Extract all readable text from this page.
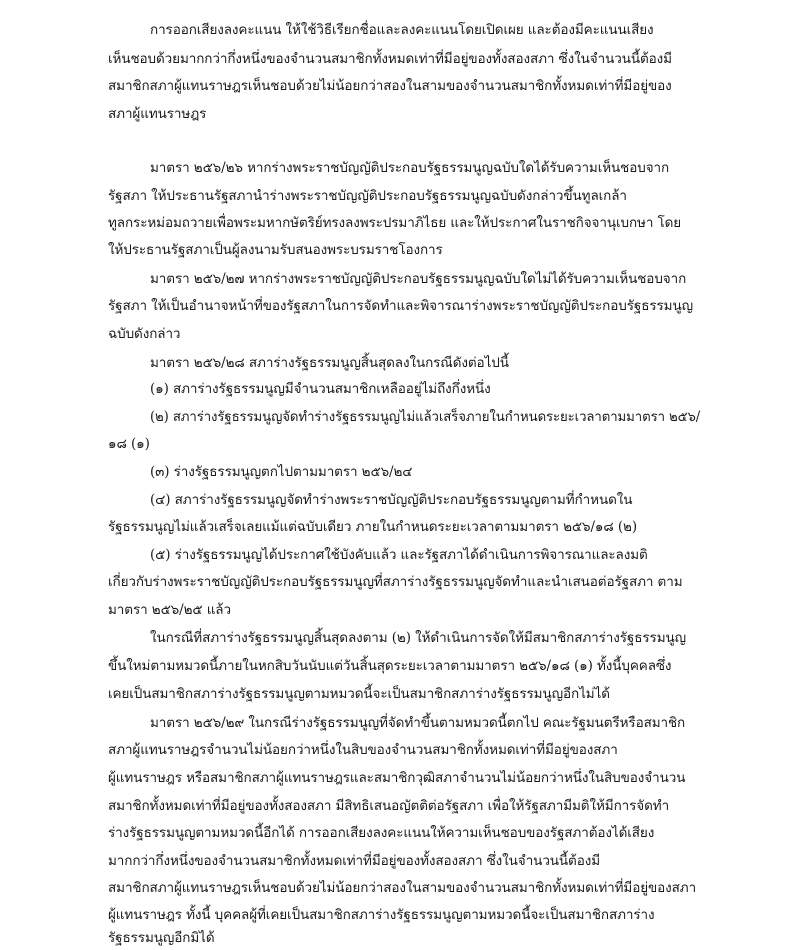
การออกเสียงลงคะแนน ให้ใช้วิธีเรียกชื่อและลงคะแนนโดยเปิดเผย และต้องมีคะแนนเสียง
เห็นชอบด้วยมากกว่ากึ่งหนึ่งของจำนวนสมาชิกทั้งหมดเท่าที่มีอยู่ของทั้งสองสภา ซึ่งในจำนวนนี้ต้องมี
สมาชิกสภาผู้แทนราษฎรเห็นชอบด้วยไม่น้อยกว่าสองในสามของจำนวนสมาชิกทั้งหมดเท่าที่มีอยู่ของ
สภาผู้แทนราษฎร
มาตรา ๒๕๖/๒๖ หากร่างพระราชบัญญัติประกอบรัฐธรรมนูญฉบับใดได้รับความเห็นชอบจาก
รัฐสภา ให้ประธานรัฐสภานำร่างพระราชบัญญัติประกอบรัฐธรรมนูญฉบับดังกล่าวขึ้นทูลเกล้า
ทูลกระหม่อมถวายเพื่อพระมหากษัตริย์ทรงลงพระปรมาภิไธย และให้ประกาศในราชกิจจานุเบกษา โดย
ให้ประธานรัฐสภาเป็นผู้ลงนามรับสนองพระบรมราชโองการ
มาตรา ๒๕๖/๒๗ หากร่างพระราชบัญญัติประกอบรัฐธรรมนูญฉบับใดไม่ได้รับความเห็นชอบจาก
รัฐสภา ให้เป็นอำนาจหน้าที่ของรัฐสภาในการจัดทำและพิจารณาร่างพระราชบัญญัติประกอบรัฐธรรมนูญ
ฉบับดังกล่าว
มาตรา ๒๕๖/๒๘ สภาร่างรัฐธรรมนูญสิ้นสุดลงในกรณีดังต่อไปนี้
(๑) สภาร่างรัฐธรรมนูญมีจำนวนสมาชิกเหลืออยู่ไม่ถึงกึ่งหนึ่ง
(๒) สภาร่างรัฐธรรมนูญจัดทำร่างรัฐธรรมนูญไม่แล้วเสร็จภายในกำหนดระยะเวลาตามมาตรา ๒๕๖/
๑๘ (๑)
(๓) ร่างรัฐธรรมนูญตกไปตามมาตรา ๒๕๖/๒๔
(๔) สภาร่างรัฐธรรมนูญจัดทำร่างพระราชบัญญัติประกอบรัฐธรรมนูญตามที่กำหนดใน
รัฐธรรมนูญไม่แล้วเสร็จเลยแม้แต่ฉบับเดียว ภายในกำหนดระยะเวลาตามมาตรา ๒๕๖/๑๘ (๒)
(๕) ร่างรัฐธรรมนูญได้ประกาศใช้บังคับแล้ว และรัฐสภาได้ดำเนินการพิจารณาและลงมติ
เกี่ยวกับร่างพระราชบัญญัติประกอบรัฐธรรมนูญที่สภาร่างรัฐธรรมนูญจัดทำและนำเสนอต่อรัฐสภา ตาม
มาตรา ๒๕๖/๒๕ แล้ว
ในกรณีที่สภาร่างรัฐธรรมนูญสิ้นสุดลงตาม (๒) ให้ดำเนินการจัดให้มีสมาชิกสภาร่างรัฐธรรมนูญ
ขึ้นใหม่ตามหมวดนี้ภายในหกสิบวันนับแต่วันสิ้นสุดระยะเวลาตามมาตรา ๒๕๖/๑๘ (๑) ทั้งนี้บุคคลซึ่ง
เคยเป็นสมาชิกสภาร่างรัฐธรรมนูญตามหมวดนี้จะเป็นสมาชิกสภาร่างรัฐธรรมนูญอีกไม่ได้
มาตรา ๒๕๖/๒๙ ในกรณีร่างรัฐธรรมนูญที่จัดทำขึ้นตามหมวดนี้ตกไป คณะรัฐมนตรีหรือสมาชิก
สภาผู้แทนราษฎรจำนวนไม่น้อยกว่าหนึ่งในสิบของจำนวนสมาชิกทั้งหมดเท่าที่มีอยู่ของสภา
ผู้แทนราษฎร หรือสมาชิกสภาผู้แทนราษฎรและสมาชิกวุฒิสภาจำนวนไม่น้อยกว่าหนึ่งในสิบของจำนวน
สมาชิกทั้งหมดเท่าที่มีอยู่ของทั้งสองสภา มีสิทธิเสนอญัตติต่อรัฐสภา เพื่อให้รัฐสภามีมติให้มีการจัดทำ
ร่างรัฐธรรมนูญตามหมวดนี้อีกได้ การออกเสียงลงคะแนนให้ความเห็นชอบของรัฐสภาต้องได้เสียง
มากกว่ากึ่งหนึ่งของจำนวนสมาชิกทั้งหมดเท่าที่มีอยู่ของทั้งสองสภา ซึ่งในจำนวนนี้ต้องมี
สมาชิกสภาผู้แทนราษฎรเห็นชอบด้วยไม่น้อยกว่าสองในสามของจำนวนสมาชิกทั้งหมดเท่าที่มีอยู่ของสภา
ผู้แทนราษฎร ทั้งนี้ บุคคลผู้ที่เคยเป็นสมาชิกสภาร่างรัฐธรรมนูญตามหมวดนี้จะเป็นสมาชิกสภาร่าง
รัฐธรรมนูญอีกมิได้
